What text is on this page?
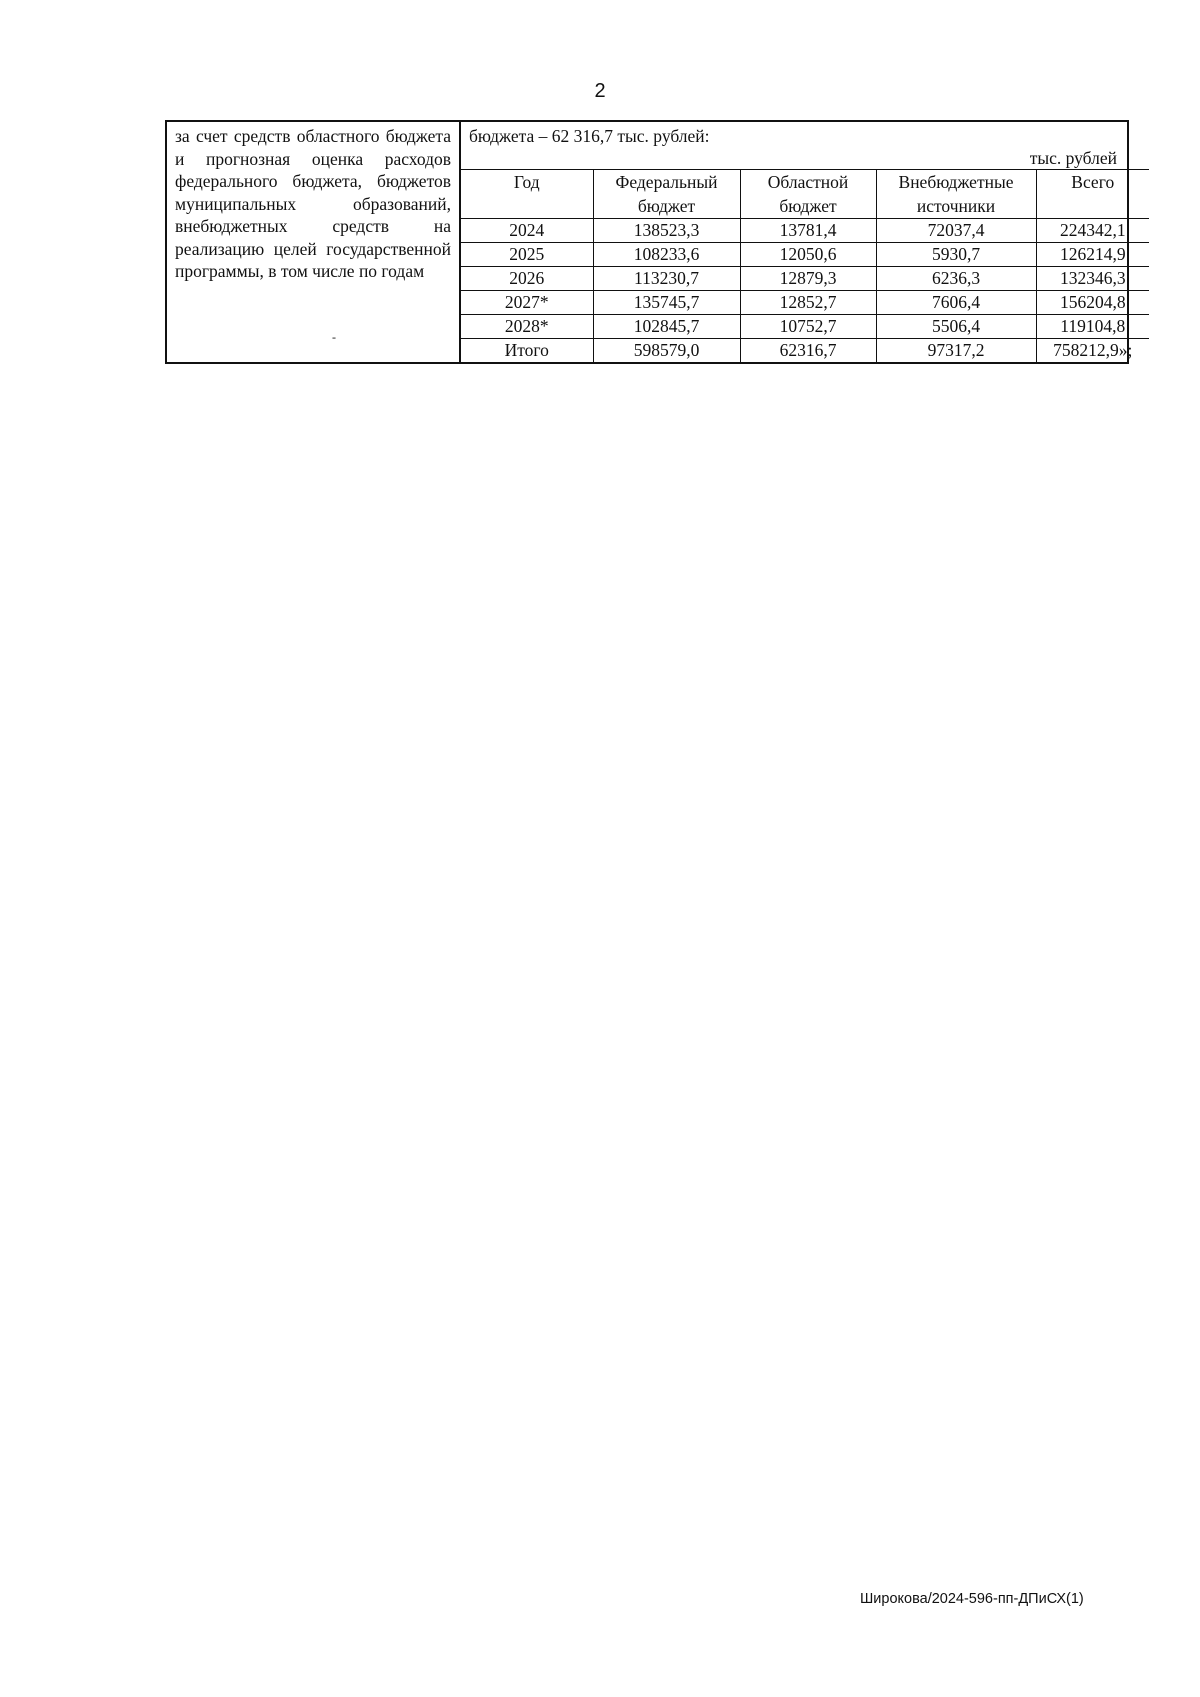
2
за счет средств областного бюджета и прогнозная оценка расходов федерального бюджета, бюджетов муниципальных образований, внебюджетных средств на реализацию целей государственной программы, в том числе по годам
-

бюджета – 62 316,7 тыс. рублей:
тыс. рублей
Год	Федеральный бюджет	Областной бюджет	Внебюджетные источники	Всего
2024	138523,3	13781,4	72037,4	224342,1
2025	108233,6	12050,6	5930,7	126214,9
2026	113230,7	12879,3	6236,3	132346,3
2027*	135745,7	12852,7	7606,4	156204,8
2028*	102845,7	10752,7	5506,4	119104,8
Итого	598579,0	62316,7	97317,2	758212,9»;
Широкова/2024-596-пп-ДПиСХ(1)
